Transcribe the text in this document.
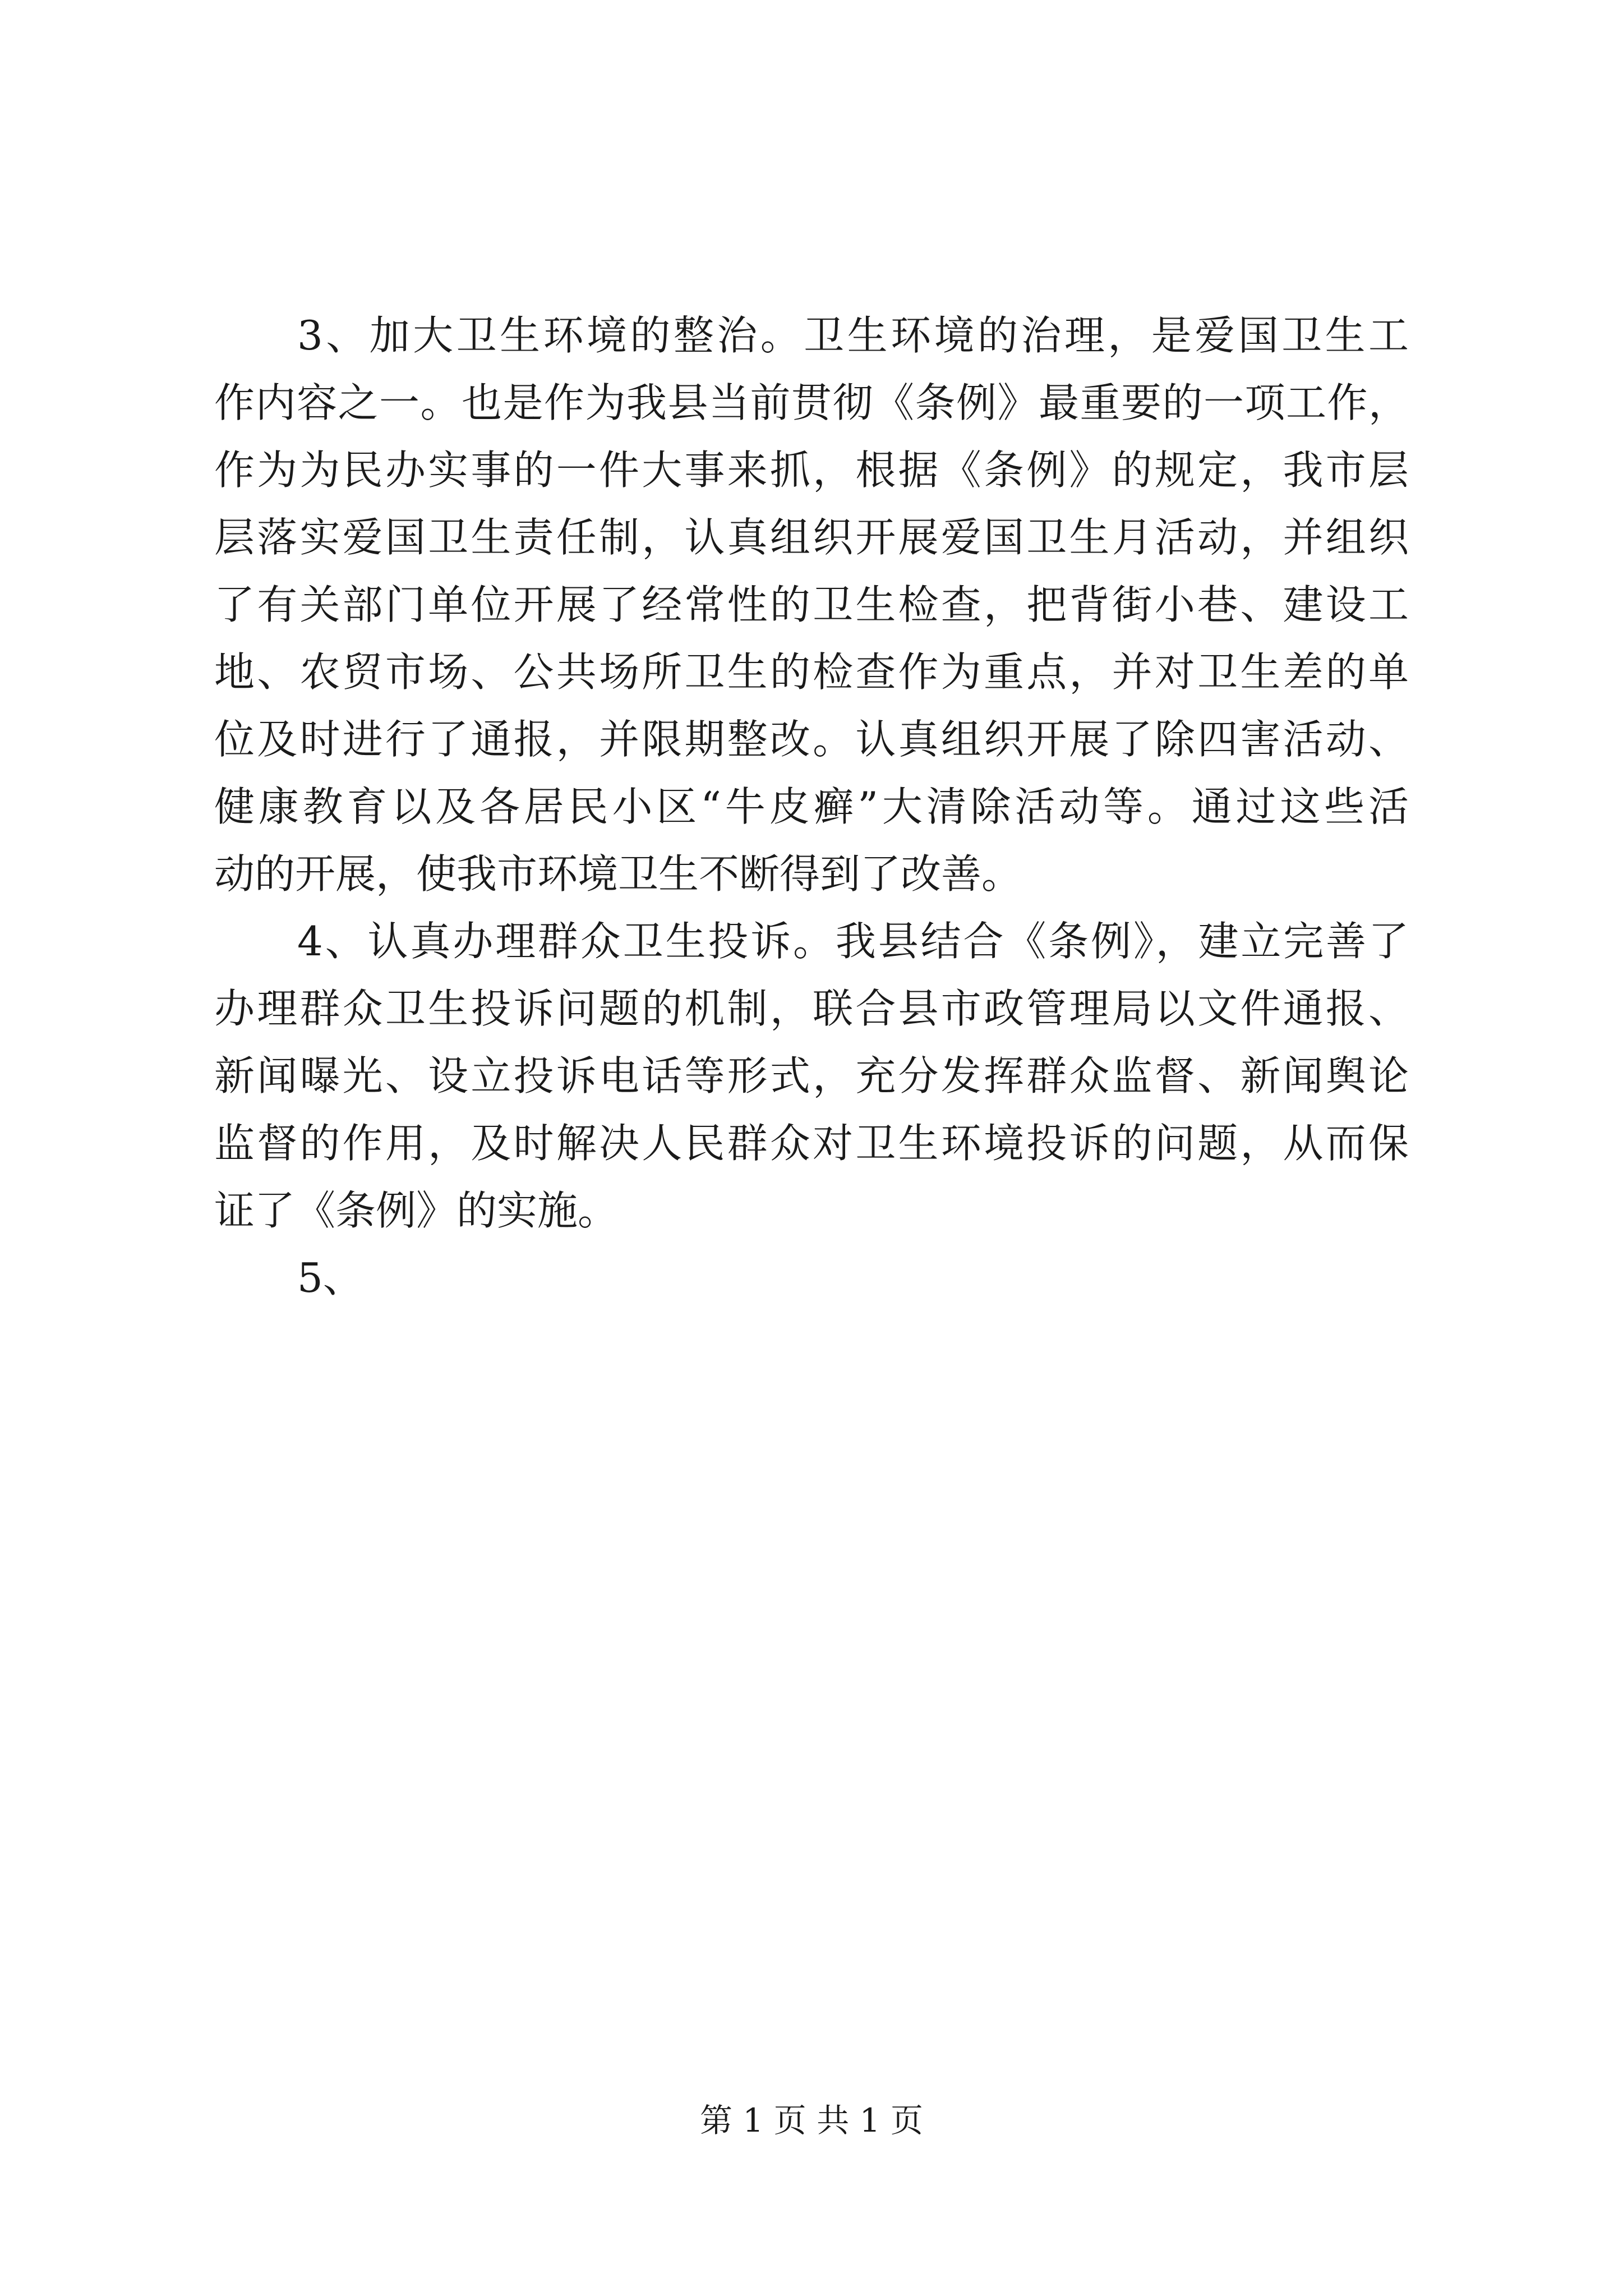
3、加大卫生环境的整治。卫生环境的治理，是爱国卫生工
作内容之一。也是作为我县当前贯彻《条例》最重要的一项工作，
作为为民办实事的一件大事来抓，根据《条例》的规定，我市层
层落实爱国卫生责任制，认真组织开展爱国卫生月活动，并组织
了有关部门单位开展了经常性的卫生检查，把背街小巷、建设工
地、农贸市场、公共场所卫生的检查作为重点，并对卫生差的单
位及时进行了通报，并限期整改。认真组织开展了除四害活动、
健康教育以及各居民小区“牛皮癣”大清除活动等。通过这些活
动的开展，使我市环境卫生不断得到了改善。
4、认真办理群众卫生投诉。我县结合《条例》，建立完善了
办理群众卫生投诉问题的机制，联合县市政管理局以文件通报、
新闻曝光、设立投诉电话等形式，充分发挥群众监督、新闻舆论
监督的作用，及时解决人民群众对卫生环境投诉的问题，从而保
证了《条例》的实施。
5、
第 1 页 共 1 页
